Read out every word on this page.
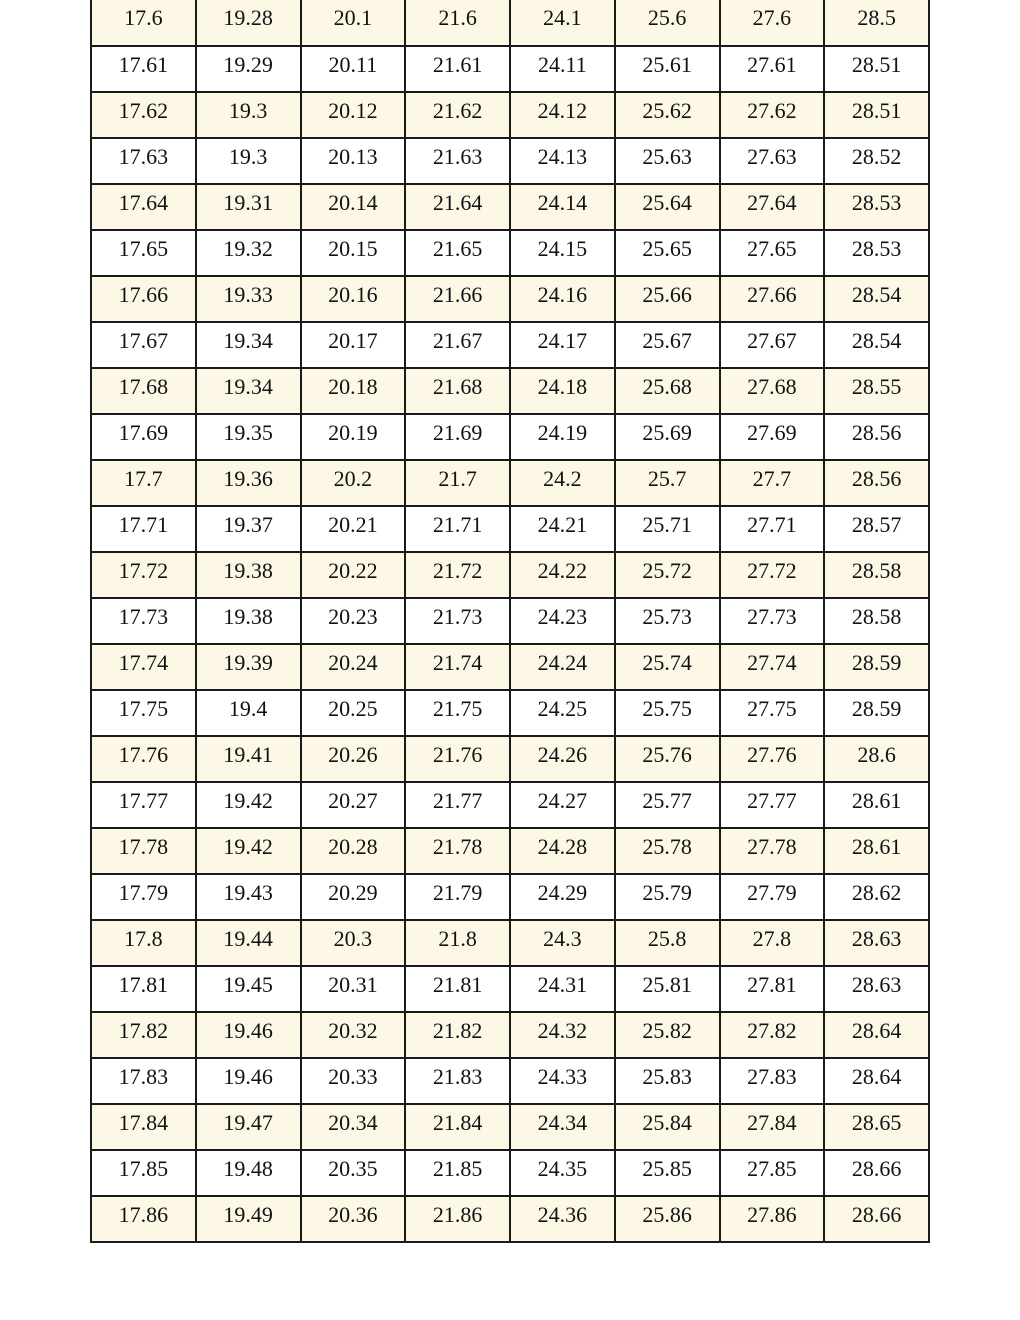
17.6	19.28	20.1	21.6	24.1	25.6	27.6	28.5
17.61	19.29	20.11	21.61	24.11	25.61	27.61	28.51
17.62	19.3	20.12	21.62	24.12	25.62	27.62	28.51
17.63	19.3	20.13	21.63	24.13	25.63	27.63	28.52
17.64	19.31	20.14	21.64	24.14	25.64	27.64	28.53
17.65	19.32	20.15	21.65	24.15	25.65	27.65	28.53
17.66	19.33	20.16	21.66	24.16	25.66	27.66	28.54
17.67	19.34	20.17	21.67	24.17	25.67	27.67	28.54
17.68	19.34	20.18	21.68	24.18	25.68	27.68	28.55
17.69	19.35	20.19	21.69	24.19	25.69	27.69	28.56
17.7	19.36	20.2	21.7	24.2	25.7	27.7	28.56
17.71	19.37	20.21	21.71	24.21	25.71	27.71	28.57
17.72	19.38	20.22	21.72	24.22	25.72	27.72	28.58
17.73	19.38	20.23	21.73	24.23	25.73	27.73	28.58
17.74	19.39	20.24	21.74	24.24	25.74	27.74	28.59
17.75	19.4	20.25	21.75	24.25	25.75	27.75	28.59
17.76	19.41	20.26	21.76	24.26	25.76	27.76	28.6
17.77	19.42	20.27	21.77	24.27	25.77	27.77	28.61
17.78	19.42	20.28	21.78	24.28	25.78	27.78	28.61
17.79	19.43	20.29	21.79	24.29	25.79	27.79	28.62
17.8	19.44	20.3	21.8	24.3	25.8	27.8	28.63
17.81	19.45	20.31	21.81	24.31	25.81	27.81	28.63
17.82	19.46	20.32	21.82	24.32	25.82	27.82	28.64
17.83	19.46	20.33	21.83	24.33	25.83	27.83	28.64
17.84	19.47	20.34	21.84	24.34	25.84	27.84	28.65
17.85	19.48	20.35	21.85	24.35	25.85	27.85	28.66
17.86	19.49	20.36	21.86	24.36	25.86	27.86	28.66
